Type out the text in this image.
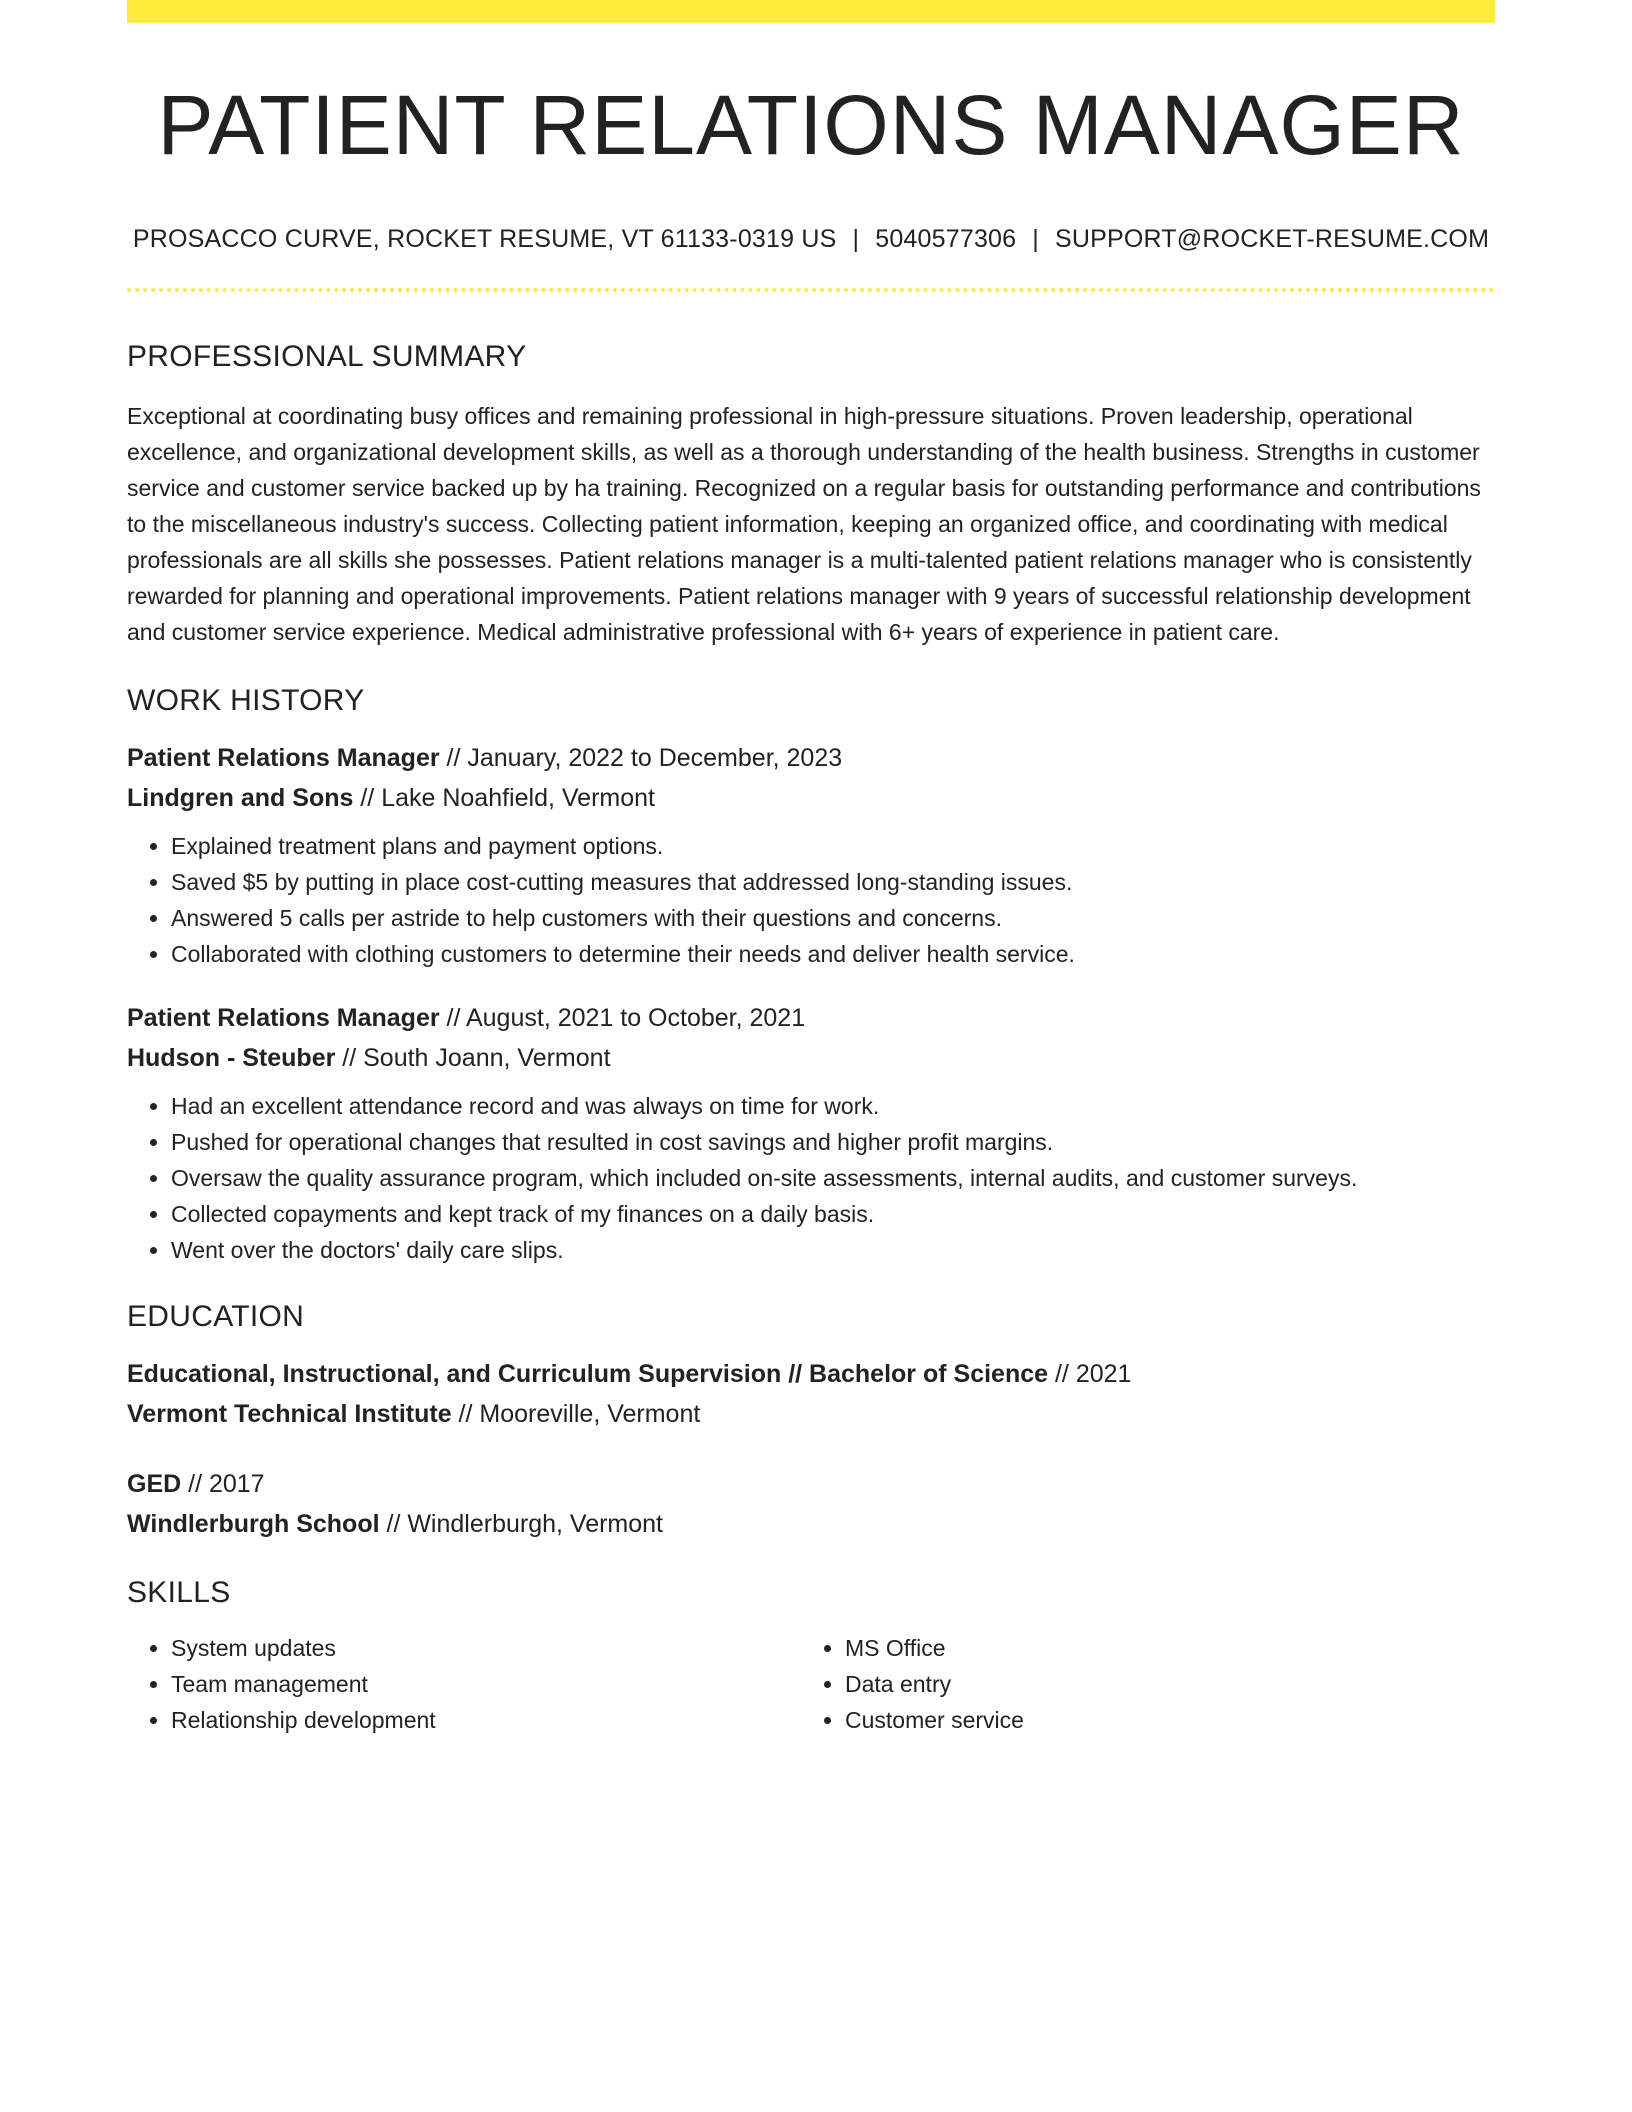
PATIENT RELATIONS MANAGER
PROSACCO CURVE, ROCKET RESUME, VT 61133-0319 US | 5040577306 | SUPPORT@ROCKET-RESUME.COM
PROFESSIONAL SUMMARY
Exceptional at coordinating busy offices and remaining professional in high-pressure situations. Proven leadership, operational excellence, and organizational development skills, as well as a thorough understanding of the health business. Strengths in customer service and customer service backed up by ha training. Recognized on a regular basis for outstanding performance and contributions to the miscellaneous industry's success. Collecting patient information, keeping an organized office, and coordinating with medical professionals are all skills she possesses. Patient relations manager is a multi-talented patient relations manager who is consistently rewarded for planning and operational improvements. Patient relations manager with 9 years of successful relationship development and customer service experience. Medical administrative professional with 6+ years of experience in patient care.
WORK HISTORY
Patient Relations Manager // January, 2022 to December, 2023
Lindgren and Sons // Lake Noahfield, Vermont
• Explained treatment plans and payment options.
• Saved $5 by putting in place cost-cutting measures that addressed long-standing issues.
• Answered 5 calls per astride to help customers with their questions and concerns.
• Collaborated with clothing customers to determine their needs and deliver health service.
Patient Relations Manager // August, 2021 to October, 2021
Hudson - Steuber // South Joann, Vermont
• Had an excellent attendance record and was always on time for work.
• Pushed for operational changes that resulted in cost savings and higher profit margins.
• Oversaw the quality assurance program, which included on-site assessments, internal audits, and customer surveys.
• Collected copayments and kept track of my finances on a daily basis.
• Went over the doctors' daily care slips.
EDUCATION
Educational, Instructional, and Curriculum Supervision // Bachelor of Science // 2021
Vermont Technical Institute // Mooreville, Vermont
GED // 2017
Windlerburgh School // Windlerburgh, Vermont
SKILLS
• System updates
• Team management
• Relationship development
• MS Office
• Data entry
• Customer service
